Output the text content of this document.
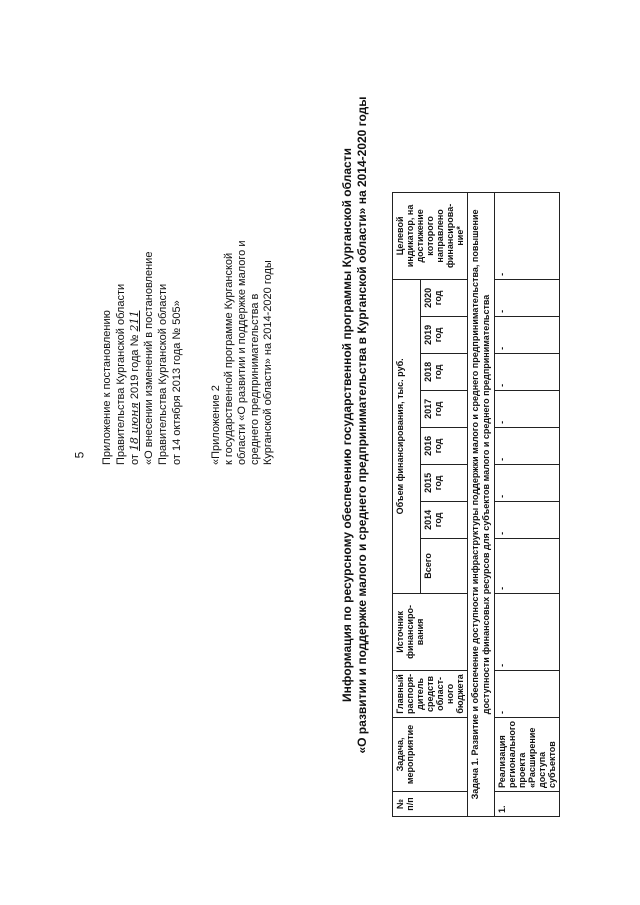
5 Приложение к постановлению Правительства Курганской области от 18 июня 2019 года № 211 «О внесении изменений в постановление Правительства Курганской области от 14 октября 2013 года № 505» «Приложение 2 к государственной программе Курганской области «О развитии и поддержке малого и среднего предпринимательства в Курганской области» на 2014-2020 годы	Информация по ресурсному обеспечению государственной программы Курганской области «О развитии и поддержке малого и среднего предпринимательства в Курганской области» на 2014-2020 годы
№ п/п	Задача, мероприятие	Главный распоря-дитель средств област-ного бюджета	Источник финансиро-вания	Объем финансирования, тыс. руб.								Целевой индикатор, на достижение которого направлено финансирова-ние*
				Всего	2014 год	2015 год	2016 год	2017 год	2018 год	2019 год	2020 год	
Задача 1. Развитие и обеспечение доступности инфраструктуры поддержки малого и среднего предпринимательства, повышение доступности финансовых ресурсов для субъектов малого и среднего предпринимательства												
1.	Реализация регионального проекта «Расширение доступа субъектов	-	-	-	-	-	-	-	-	-	-	-
